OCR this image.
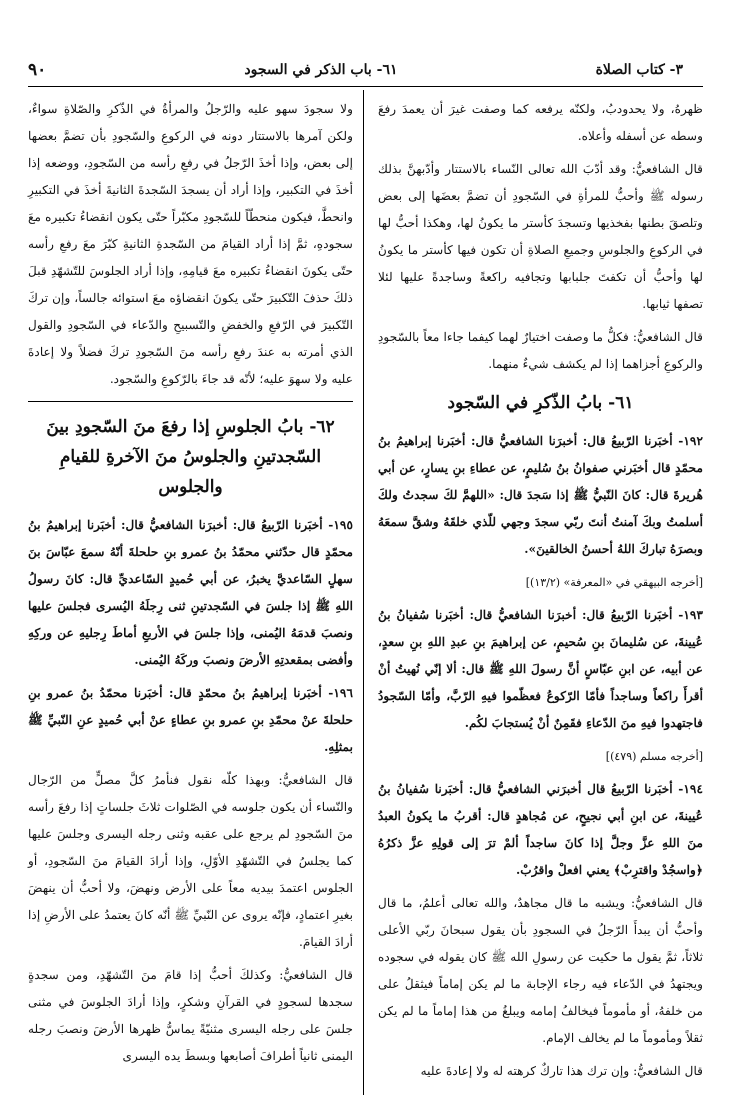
٣- كتاب الصلاة
٦١- باب الذكر في السجود
٩٠

ظهرهُ، ولا يحدودبُ، ولكنّه يرفعه كما وصفت غيرَ أن يعمدَ رفعَ وسطه عن أسفله وأعلاه.

قال الشافعيُّ: وقد أدّبَ الله تعالى النّساء بالاستتار وأدّبهنَّ بذلك رسوله ﷺ وأحبُّ للمرأةِ في السّجودِ أن تضمَّ بعضَها إلى بعض وتلصقَ بطنها بفخذيها وتسجدَ كأستر ما يكونُ لها، وهكذا أحبُّ لها في الركوعِ والجلوسِ وجميعِ الصلاةِ أن تكون فيها كأستر ما يكونُ لها وأحبُّ أن تكفتَ جلبابها وتجافيه راكعةً وساجدةً عليها لئلا تصفها ثيابها.

قال الشافعيُّ: فكلُّ ما وصفت اختيارٌ لهما كيفما جاءا معاً بالسّجودِ والركوعِ أجزاهما إذا لم يكشف شيءٌ منهما.

٦١- بابُ الذّكرِ في السّجود

١٩٢- أخبَرنا الرّبيعُ قال: أخبرَنا الشافعيُّ قال: أخبَرنا إبراهيمُ بنُ محمّدٍ قال أخبَرني صفوانُ بنُ سُليمٍ، عن عطاءِ بنِ يسارٍ، عن أبي هُريرةَ قال: كانَ النّبيُّ ﷺ إذا سَجدَ قال: «اللهمَّ لكَ سجدتُ ولكَ أسلمتُ وبكَ آمنتُ أنتَ ربّي سجدَ وجهي للّذي خلقَهُ وشقَّ سمعَهُ وبصرَهُ تباركَ اللهُ أحسنُ الخالقينَ».

[أخرجه البيهقي في «المعرفة» (١٣/٢)]

١٩٣- أخبَرنا الرّبيعُ قال: أخبرَنا الشافعيُّ قال: أخبَرنا سُفيانُ بنُ عُيينةَ، عن سُليمانَ بنِ سُحيمٍ، عن إبراهيمَ بنِ عبدِ اللهِ بنِ سعدٍ، عن أبيه، عن ابنِ عبّاسٍ أنَّ رسولَ اللهِ ﷺ قال: ألا إنّي نُهيتُ أنْ أقرأَ راكعاً وساجداً فأمّا الرّكوعُ فعظّموا فيهِ الرّبَّ، وأمّا السّجودُ فاجتهدوا فيهِ منَ الدّعاءِ فقَمِنٌ أنْ يُستجابَ لكُم.

[أخرجه مسلم (٤٧٩)]

١٩٤- أخبَرنا الرّبيعُ قال أخبرَني الشافعيُّ قال: أخبَرنا سُفيانُ بنُ عُيينةَ، عن ابنِ أبي نجيحٍ، عن مُجاهدٍ قال: أقربُ ما يكونُ العبدُ منَ اللهِ عزَّ وجلَّ إذا كانَ ساجداً ألمْ ترَ إلى قولِهِ عزَّ ذكرُهُ ﴿واسجُدْ واقترِبْ﴾ يعني افعلْ واقرُبْ.

قال الشافعيُّ: ويشبه ما قال مجاهدٌ، والله تعالى أعلمُ، ما قال وأحبُّ أن يبدأَ الرّجلُ في السجودِ بأن يقول سبحانَ ربّي الأعلى ثلاثاً، ثمَّ يقول ما حكيت عن رسولِ الله ﷺ كان يقوله في سجوده ويجتهدُ في الدّعاء فيه رجاء الإجابة ما لم يكن إماماً فيثقلُ على من خلفهُ، أو مأموماً فيخالفُ إمامه ويبلغُ من هذا إماماً ما لم يكن ثقلاً ومأموماً ما لم يخالف الإمام.

قال الشافعيُّ: وإن ترك هذا تاركٌ كرهته له ولا إعادةَ عليه

ولا سجودَ سهو عليه والرّجلُ والمرأةُ في الذّكرِ والصّلاةِ سواءٌ، ولكن آمرها بالاستتار دونه في الركوعِ والسّجودِ بأن تضمَّ بعضها إلى بعض، وإذا أخذَ الرّجلُ في رفعِ رأسه من السّجودِ، ووضعه إذا أخذَ في التكبير، وإذا أراد أن يسجدَ السّجدةَ الثانيةَ أخذَ في التكبيرِ وانحطَّ، فيكون منحطّاً للسّجودِ مكبّراً حتّى يكون انقضاءُ تكبيره معَ سجودهِ، ثمَّ إذا أراد القيامَ من السّجدةِ الثانيةِ كبّرَ معَ رفعِ رأسه حتّى يكونَ انقضاءُ تكبيره معَ قيامِهِ، وإذا أراد الجلوسَ للتّشهّدِ قبلَ ذلكَ حذفَ التّكبيرَ حتّى يكونَ انقضاؤه معَ استوائه جالساً، وإن تركَ التّكبيرَ في الرّفعِ والخفضِ والتّسبيحِ والدّعاء في السّجودِ والقول الذي أمرته به عندَ رفعِ رأسه منَ السّجودِ تركَ فضلاً ولا إعادةَ عليه ولا سهوَ عليه؛ لأنّه قد جاءَ بالرّكوعِ والسّجود.

٦٢- بابُ الجلوسِ إذا رفعَ منَ السّجودِ بينَ السّجدتينِ والجلوسُ منَ الآخرةِ للقيامِ والجلوس

١٩٥- أخبَرنا الرّبيعُ قال: أخبرَنا الشافعيُّ قال: أخبَرنا إبراهيمُ بنُ محمّدٍ قال حدّثني محمّدُ بنُ عمرو بنِ حلحلةَ أنّهُ سمعَ عبّاسَ بنَ سهلٍ السّاعديَّ يخبرُ، عن أبي حُميدٍ السّاعديِّ قال: كانَ رسولُ اللهِ ﷺ إذا جلسَ في السّجدتينِ ثنى رِجلَهُ اليُسرى فجلسَ عليها ونصبَ قدمَهُ اليُمنى، وإذا جلسَ في الأربعِ أماطَ رِجليهِ عن وركِهِ وأفضى بمقعدتِهِ الأرضَ ونصبَ وركَهُ اليُمنى.

١٩٦- أخبَرنا إبراهيمُ بنُ محمّدٍ قال: أخبَرنا محمّدُ بنُ عمرو بنِ حلحلةَ عنْ محمّدِ بنِ عمرو بنِ عطاءٍ عنْ أبي حُميدٍ عنِ النّبيِّ ﷺ بمثلِهِ.

قال الشافعيُّ: وبهذا كلّه نقول فنأمرُ كلَّ مصلٍّ من الرّجال والنّساء أن يكون جلوسه في الصّلوات ثلاثَ جلساتٍ إذا رفعَ رأسه منَ السّجودِ لم يرجع على عقبه وثنى رجله اليسرى وجلسَ عليها كما يجلسُ في التّشهّدِ الأوّلِ، وإذا أرادَ القيامَ منَ السّجودِ، أو الجلوس اعتمدَ بيديه معاً على الأرض ونهضَ، ولا أحبُّ أن ينهضَ بغيرِ اعتمادٍ، فإنّه يروى عن النّبيِّ ﷺ أنّه كانَ يعتمدُ على الأرضِ إذا أرادَ القيامَ.

قال الشافعيُّ: وكذلكَ أحبُّ إذا قامَ منَ التّشهّدِ، ومن سجدةٍ سجدها لسجودٍ في القرآنِ وشكرٍ، وإذا أرادَ الجلوسَ في مثنى جلسَ على رجله اليسرى مثنيّةً يماسُّ ظهرها الأرضَ ونصبَ رجله اليمنى ثانياً أطرافَ أصابعها وبسطَ يده اليسرى
